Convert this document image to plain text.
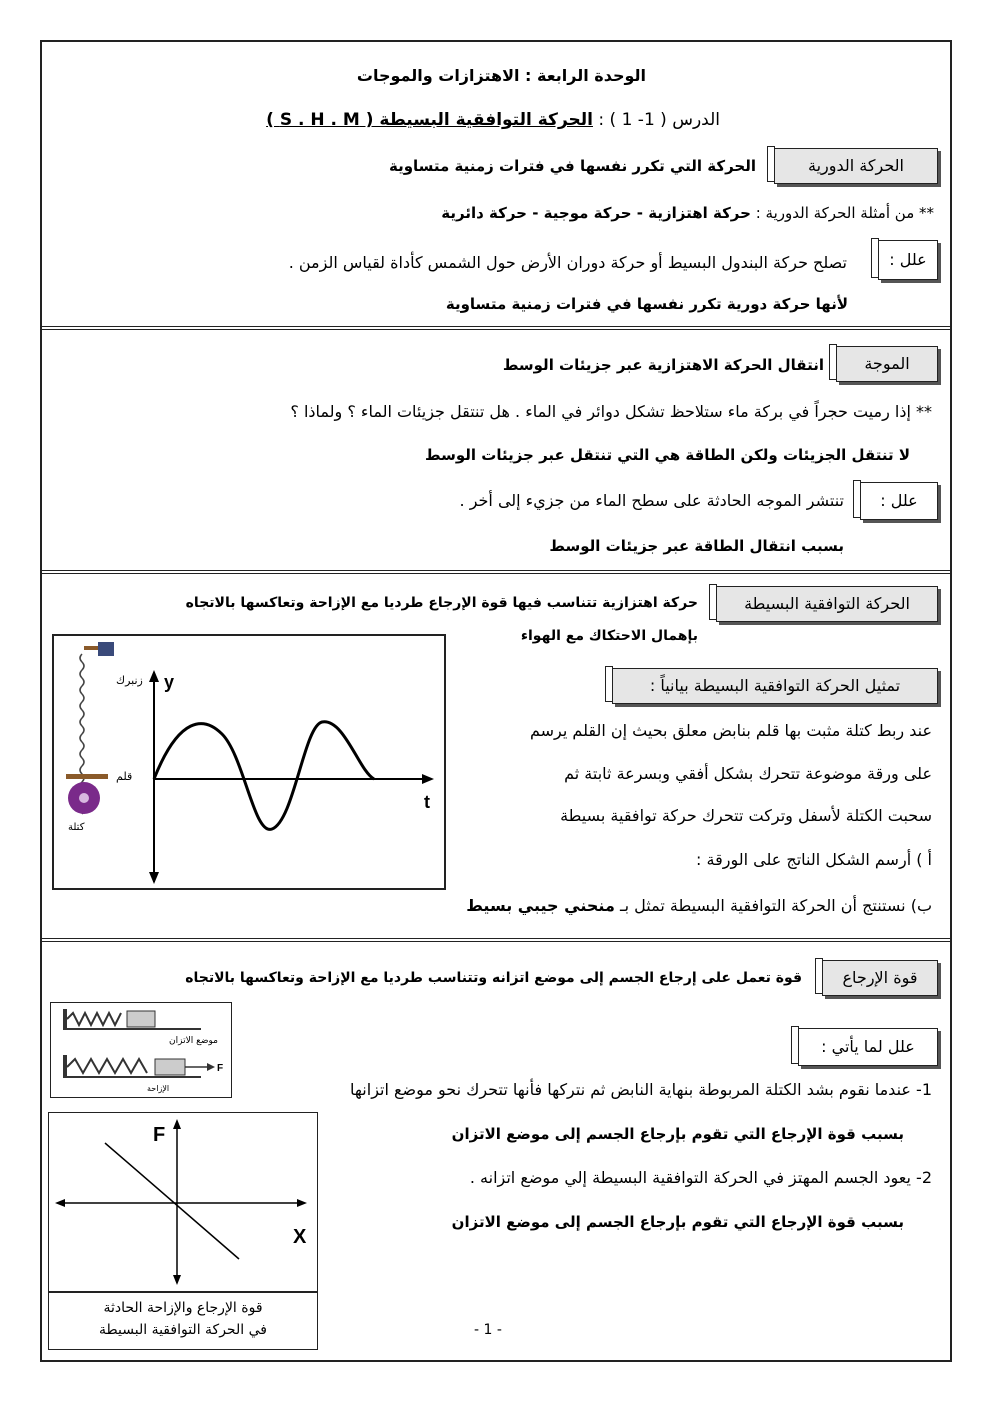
الوحدة الرابعة : الاهتزازات والموجات
الدرس ( 1- 1 ) : الحركة التوافقية البسيطة ( S . H . M )
الحركة الدورية
الحركة التي تكرر نفسها في فترات زمنية متساوية
** من أمثلة الحركة الدورية : حركة اهتزازية - حركة موجية - حركة دائرية
علل :
تصلح حركة البندول البسيط أو حركة دوران الأرض حول الشمس كأداة لقياس الزمن .
لأنها حركة دورية تكرر نفسها في فترات زمنية متساوية
الموجة
انتقال الحركة الاهتزازية عبر جزيئات الوسط
** إذا رميت حجراً في بركة ماء ستلاحظ تشكل دوائر في الماء . هل تنتقل جزيئات الماء ؟ ولماذا ؟
لا تنتقل الجزيئات ولكن الطاقة هي التي تنتقل عبر جزيئات الوسط
علل :
تنتشر الموجه الحادثة على سطح الماء من جزيء إلى أخر .
بسبب انتقال الطاقة عبر جزيئات الوسط
الحركة التوافقية البسيطة
حركة اهتزازية تتناسب فيها قوة الإرجاع طرديا مع الإزاحة وتعاكسها بالاتجاه
بإهمال الاحتكاك مع الهواء
تمثيل الحركة التوافقية البسيطة بيانياً :
عند ربط كتلة مثبت بها قلم بنابض معلق بحيث إن القلم يرسم
على ورقة موضوعة تتحرك بشكل أفقي وبسرعة ثابتة ثم
سحبت الكتلة لأسفل وتركت تتحرك حركة توافقية بسيطة
أ ) أرسم الشكل الناتج على الورقة :
ب) نستنتج أن الحركة التوافقية البسيطة تمثل بـ منحني جيبي بسيط
y
t
زنبرك
قلم
كتلة
قوة الإرجاع
قوة تعمل على إرجاع الجسم إلى موضع اتزانه وتتناسب طرديا مع الإزاحة وتعاكسها بالاتجاه
علل لما يأتي :
1- عندما نقوم بشد الكتلة المربوطة بنهاية النابض ثم نتركها فأنها تتحرك نحو موضع اتزانها
بسبب قوة الإرجاع التي تقوم بإرجاع الجسم إلى موضع الاتزان
2- يعود الجسم المهتز في الحركة التوافقية البسيطة إلي موضع اتزانه .
بسبب قوة الإرجاع التي تقوم بإرجاع الجسم إلى موضع الاتزان
موضع الاتزان
F
الإزاحة
F
X
قوة الإرجاع والإزاحة الحادثة
في الحركة التوافقية البسيطة	- 1 -
